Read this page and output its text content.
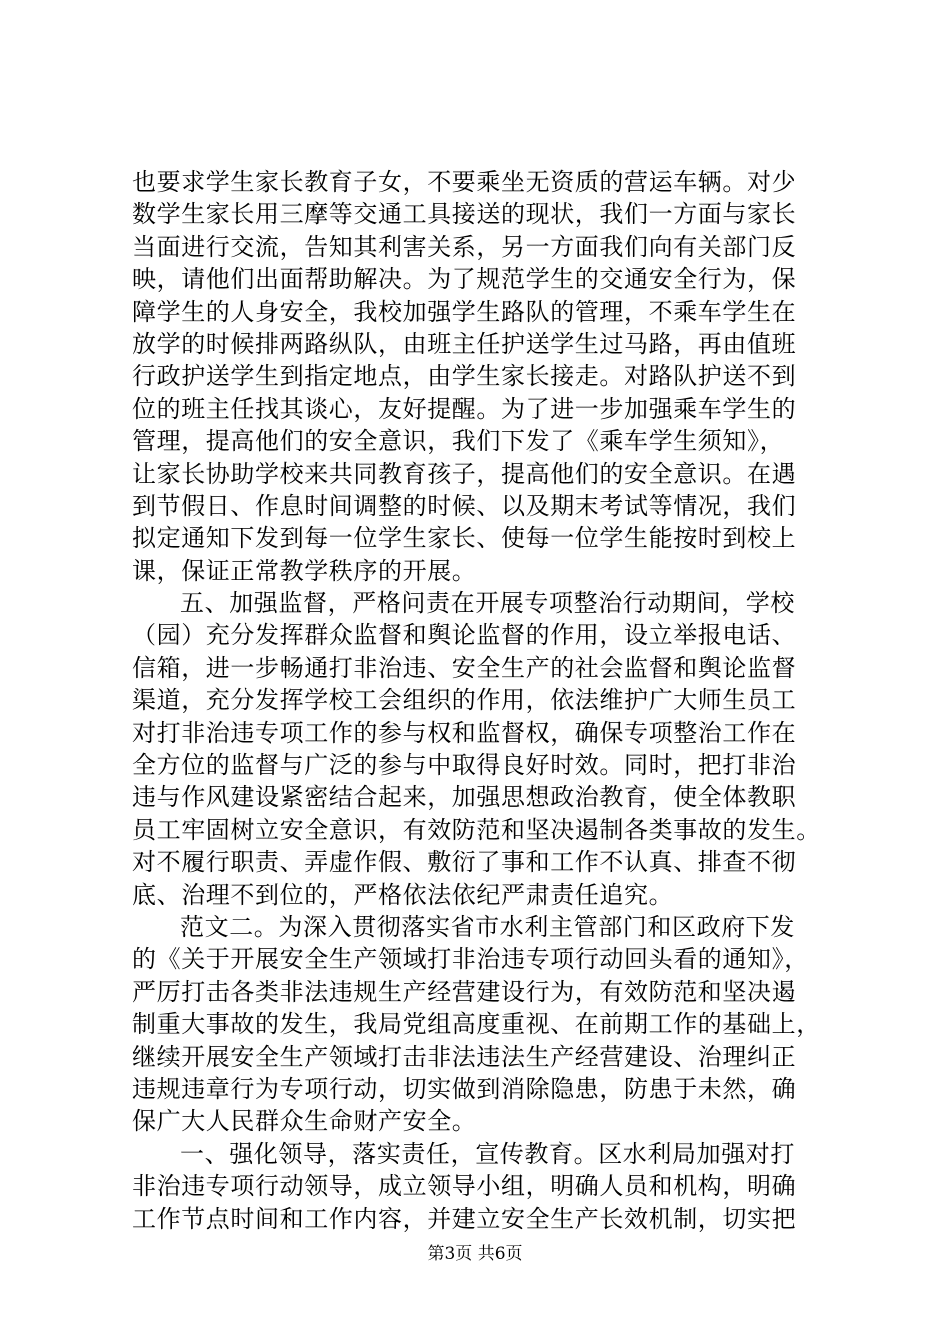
也要求学生家长教育子女，不要乘坐无资质的营运车辆。对少
数学生家长用三摩等交通工具接送的现状，我们一方面与家长
当面进行交流，告知其利害关系，另一方面我们向有关部门反
映，请他们出面帮助解决。为了规范学生的交通安全行为，保
障学生的人身安全，我校加强学生路队的管理，不乘车学生在
放学的时候排两路纵队，由班主任护送学生过马路，再由值班
行政护送学生到指定地点，由学生家长接走。对路队护送不到
位的班主任找其谈心，友好提醒。为了进一步加强乘车学生的
管理，提高他们的安全意识，我们下发了《乘车学生须知》，
让家长协助学校来共同教育孩子，提高他们的安全意识。在遇
到节假日、作息时间调整的时候、以及期末考试等情况，我们
拟定通知下发到每一位学生家长、使每一位学生能按时到校上
课，保证正常教学秩序的开展。
五、加强监督，严格问责在开展专项整治行动期间，学校
（园）充分发挥群众监督和舆论监督的作用，设立举报电话、
信箱，进一步畅通打非治违、安全生产的社会监督和舆论监督
渠道，充分发挥学校工会组织的作用，依法维护广大师生员工
对打非治违专项工作的参与权和监督权，确保专项整治工作在
全方位的监督与广泛的参与中取得良好时效。同时，把打非治
违与作风建设紧密结合起来，加强思想政治教育，使全体教职
员工牢固树立安全意识，有效防范和坚决遏制各类事故的发生。
对不履行职责、弄虚作假、敷衍了事和工作不认真、排查不彻
底、治理不到位的，严格依法依纪严肃责任追究。
范文二。为深入贯彻落实省市水利主管部门和区政府下发
的《关于开展安全生产领域打非治违专项行动回头看的通知》，
严厉打击各类非法违规生产经营建设行为，有效防范和坚决遏
制重大事故的发生，我局党组高度重视、在前期工作的基础上，
继续开展安全生产领域打击非法违法生产经营建设、治理纠正
违规违章行为专项行动，切实做到消除隐患，防患于未然，确
保广大人民群众生命财产安全。
一、强化领导，落实责任，宣传教育。区水利局加强对打
非治违专项行动领导，成立领导小组，明确人员和机构，明确
工作节点时间和工作内容，并建立安全生产长效机制，切实把
第3页 共6页
